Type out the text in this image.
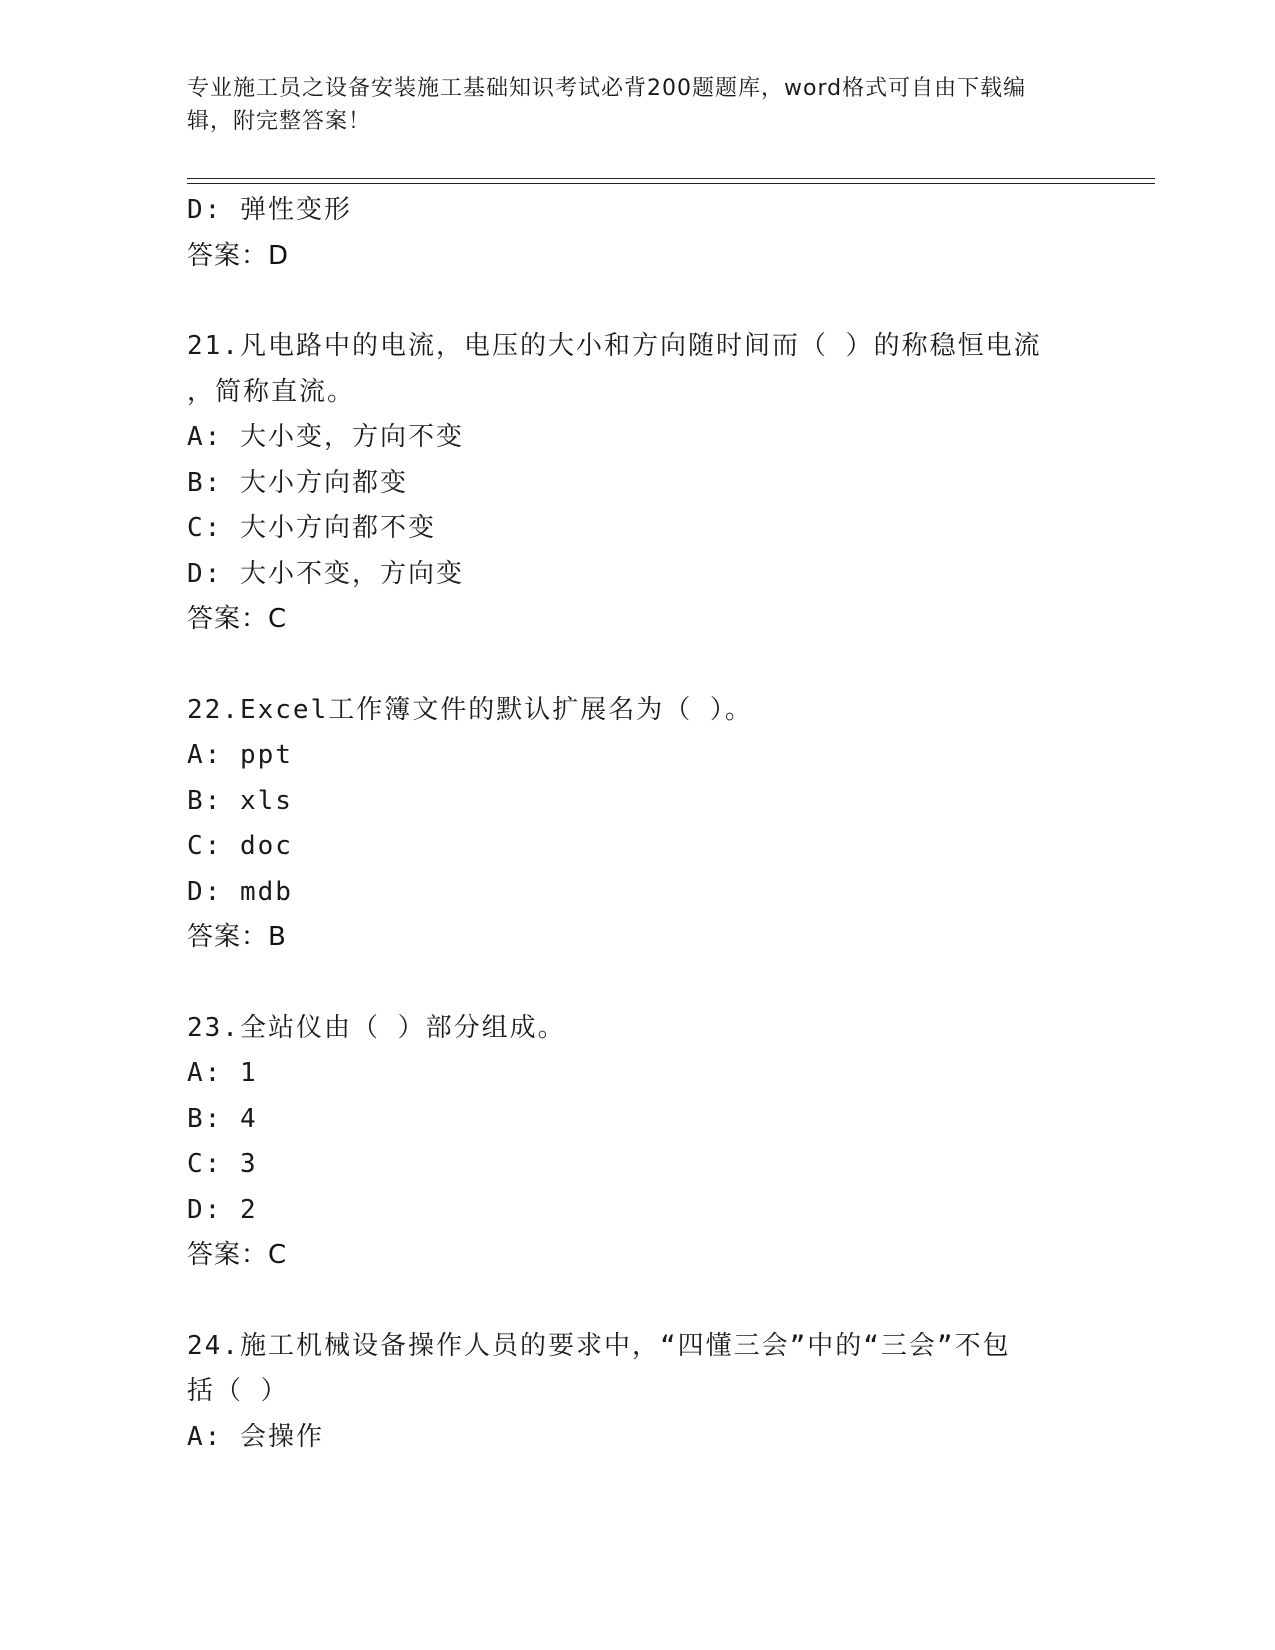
专业施工员之设备安装施工基础知识考试必背200题题库，word格式可自由下载编辑，附完整答案！
D: 弹性变形
答案：D
21.凡电路中的电流，电压的大小和方向随时间而（ ）的称稳恒电流
，简称直流。
A: 大小变，方向不变
B: 大小方向都变
C: 大小方向都不变
D: 大小不变，方向变
答案：C
22.Excel工作簿文件的默认扩展名为（ ）。
A: ppt
B: xls
C: doc
D: mdb
答案：B
23.全站仪由（ ）部分组成。
A: 1
B: 4
C: 3
D: 2
答案：C
24.施工机械设备操作人员的要求中，“四懂三会”中的“三会”不包
括（ ）
A: 会操作
